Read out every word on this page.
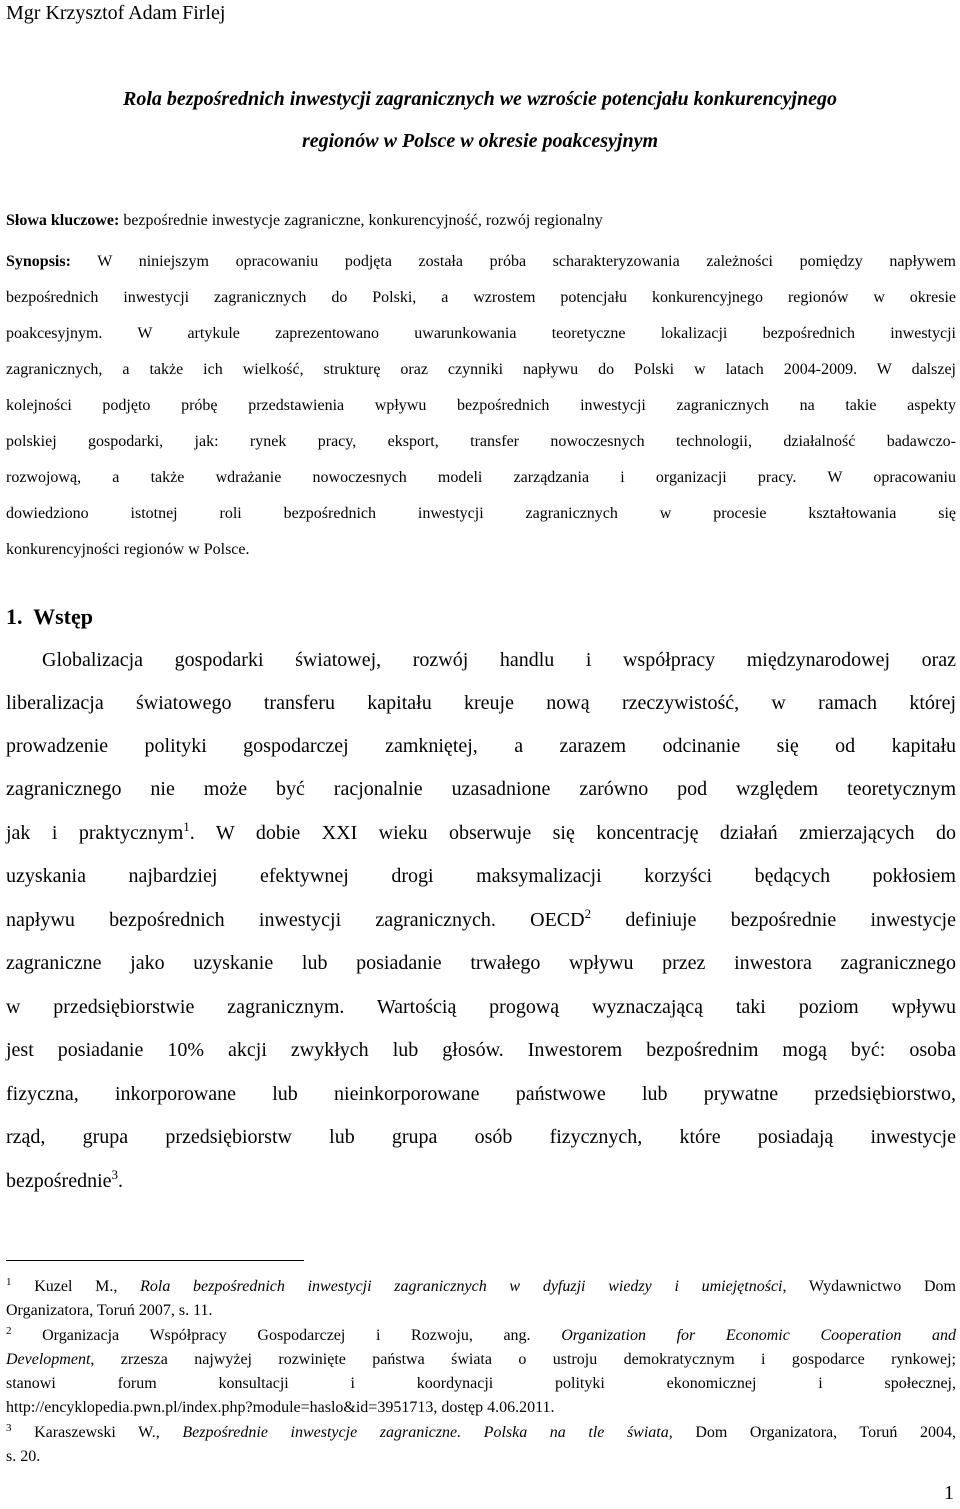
Mgr Krzysztof Adam Firlej
Rola bezpośrednich inwestycji zagranicznych we wzroście potencjału konkurencyjnego
regionów w Polsce w okresie poakcesyjnym
Słowa kluczowe: bezpośrednie inwestycje zagraniczne, konkurencyjność, rozwój regionalny
Synopsis: W niniejszym opracowaniu podjęta została próba scharakteryzowania zależności pomiędzy napływem
bezpośrednich inwestycji zagranicznych do Polski, a wzrostem potencjału konkurencyjnego regionów w okresie
poakcesyjnym. W artykule zaprezentowano uwarunkowania teoretyczne lokalizacji bezpośrednich inwestycji
zagranicznych, a także ich wielkość, strukturę oraz czynniki napływu do Polski w latach 2004-2009. W dalszej
kolejności podjęto próbę przedstawienia wpływu bezpośrednich inwestycji zagranicznych na takie aspekty
polskiej gospodarki, jak: rynek pracy, eksport, transfer nowoczesnych technologii, działalność badawczo-
rozwojową, a także wdrażanie nowoczesnych modeli zarządzania i organizacji pracy. W opracowaniu
dowiedziono istotnej roli bezpośrednich inwestycji zagranicznych w procesie kształtowania się
konkurencyjności regionów w Polsce.
1. Wstęp
Globalizacja gospodarki światowej, rozwój handlu i współpracy międzynarodowej oraz
liberalizacja światowego transferu kapitału kreuje nową rzeczywistość, w ramach której
prowadzenie polityki gospodarczej zamkniętej, a zarazem odcinanie się od kapitału
zagranicznego nie może być racjonalnie uzasadnione zarówno pod względem teoretycznym
jak i praktycznym$^1$. W dobie XXI wieku obserwuje się koncentrację działań zmierzających do
uzyskania najbardziej efektywnej drogi maksymalizacji korzyści będących pokłosiem
napływu bezpośrednich inwestycji zagranicznych. OECD$^2$ definiuje bezpośrednie inwestycje
zagraniczne jako uzyskanie lub posiadanie trwałego wpływu przez inwestora zagranicznego
w przedsiębiorstwie zagranicznym. Wartością progową wyznaczającą taki poziom wpływu
jest posiadanie 10% akcji zwykłych lub głosów. Inwestorem bezpośrednim mogą być: osoba
fizyczna, inkorporowane lub nieinkorporowane państwowe lub prywatne przedsiębiorstwo,
rząd, grupa przedsiębiorstw lub grupa osób fizycznych, które posiadają inwestycje
bezpośrednie$^3$.
$^1$ Kuzel M., Rola bezpośrednich inwestycji zagranicznych w dyfuzji wiedzy i umiejętności, Wydawnictwo Dom
Organizatora, Toruń 2007, s. 11.
$^2$ Organizacja Współpracy Gospodarczej i Rozwoju, ang. Organization for Economic Cooperation and
Development, zrzesza najwyżej rozwinięte państwa świata o ustroju demokratycznym i gospodarce rynkowej;
stanowi forum konsultacji i koordynacji polityki ekonomicznej i społecznej,
http://encyklopedia.pwn.pl/index.php?module=haslo&id=3951713, dostęp 4.06.2011.
$^3$ Karaszewski W., Bezpośrednie inwestycje zagraniczne. Polska na tle świata, Dom Organizatora, Toruń 2004,
s. 20.
1
